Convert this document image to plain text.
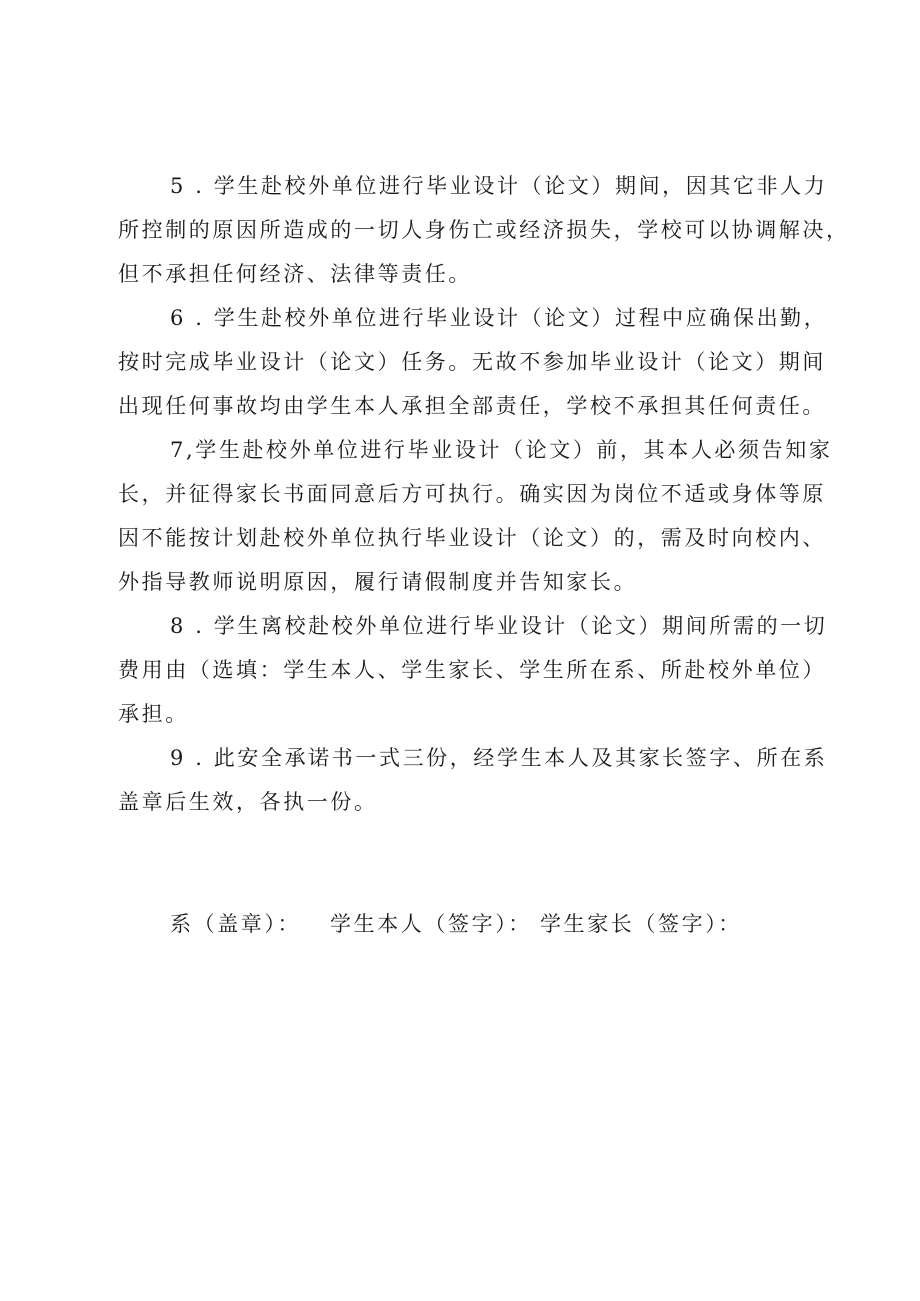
5 . 学生赴校外单位进行毕业设计（论文）期间，因其它非人力
所控制的原因所造成的一切人身伤亡或经济损失，学校可以协调解决，
但不承担任何经济、法律等责任。
6 . 学生赴校外单位进行毕业设计（论文）过程中应确保出勤，
按时完成毕业设计（论文）任务。无故不参加毕业设计（论文）期间
出现任何事故均由学生本人承担全部责任，学校不承担其任何责任。
7,学生赴校外单位进行毕业设计（论文）前，其本人必须告知家
长，并征得家长书面同意后方可执行。确实因为岗位不适或身体等原
因不能按计划赴校外单位执行毕业设计（论文）的，需及时向校内、
外指导教师说明原因，履行请假制度并告知家长。
8 . 学生离校赴校外单位进行毕业设计（论文）期间所需的一切
费用由（选填：学生本人、学生家长、学生所在系、所赴校外单位）
承担。
9 . 此安全承诺书一式三份，经学生本人及其家长签字、所在系
盖章后生效，各执一份。
系（盖章）： 学生本人（签字）： 学生家长（签字）：
